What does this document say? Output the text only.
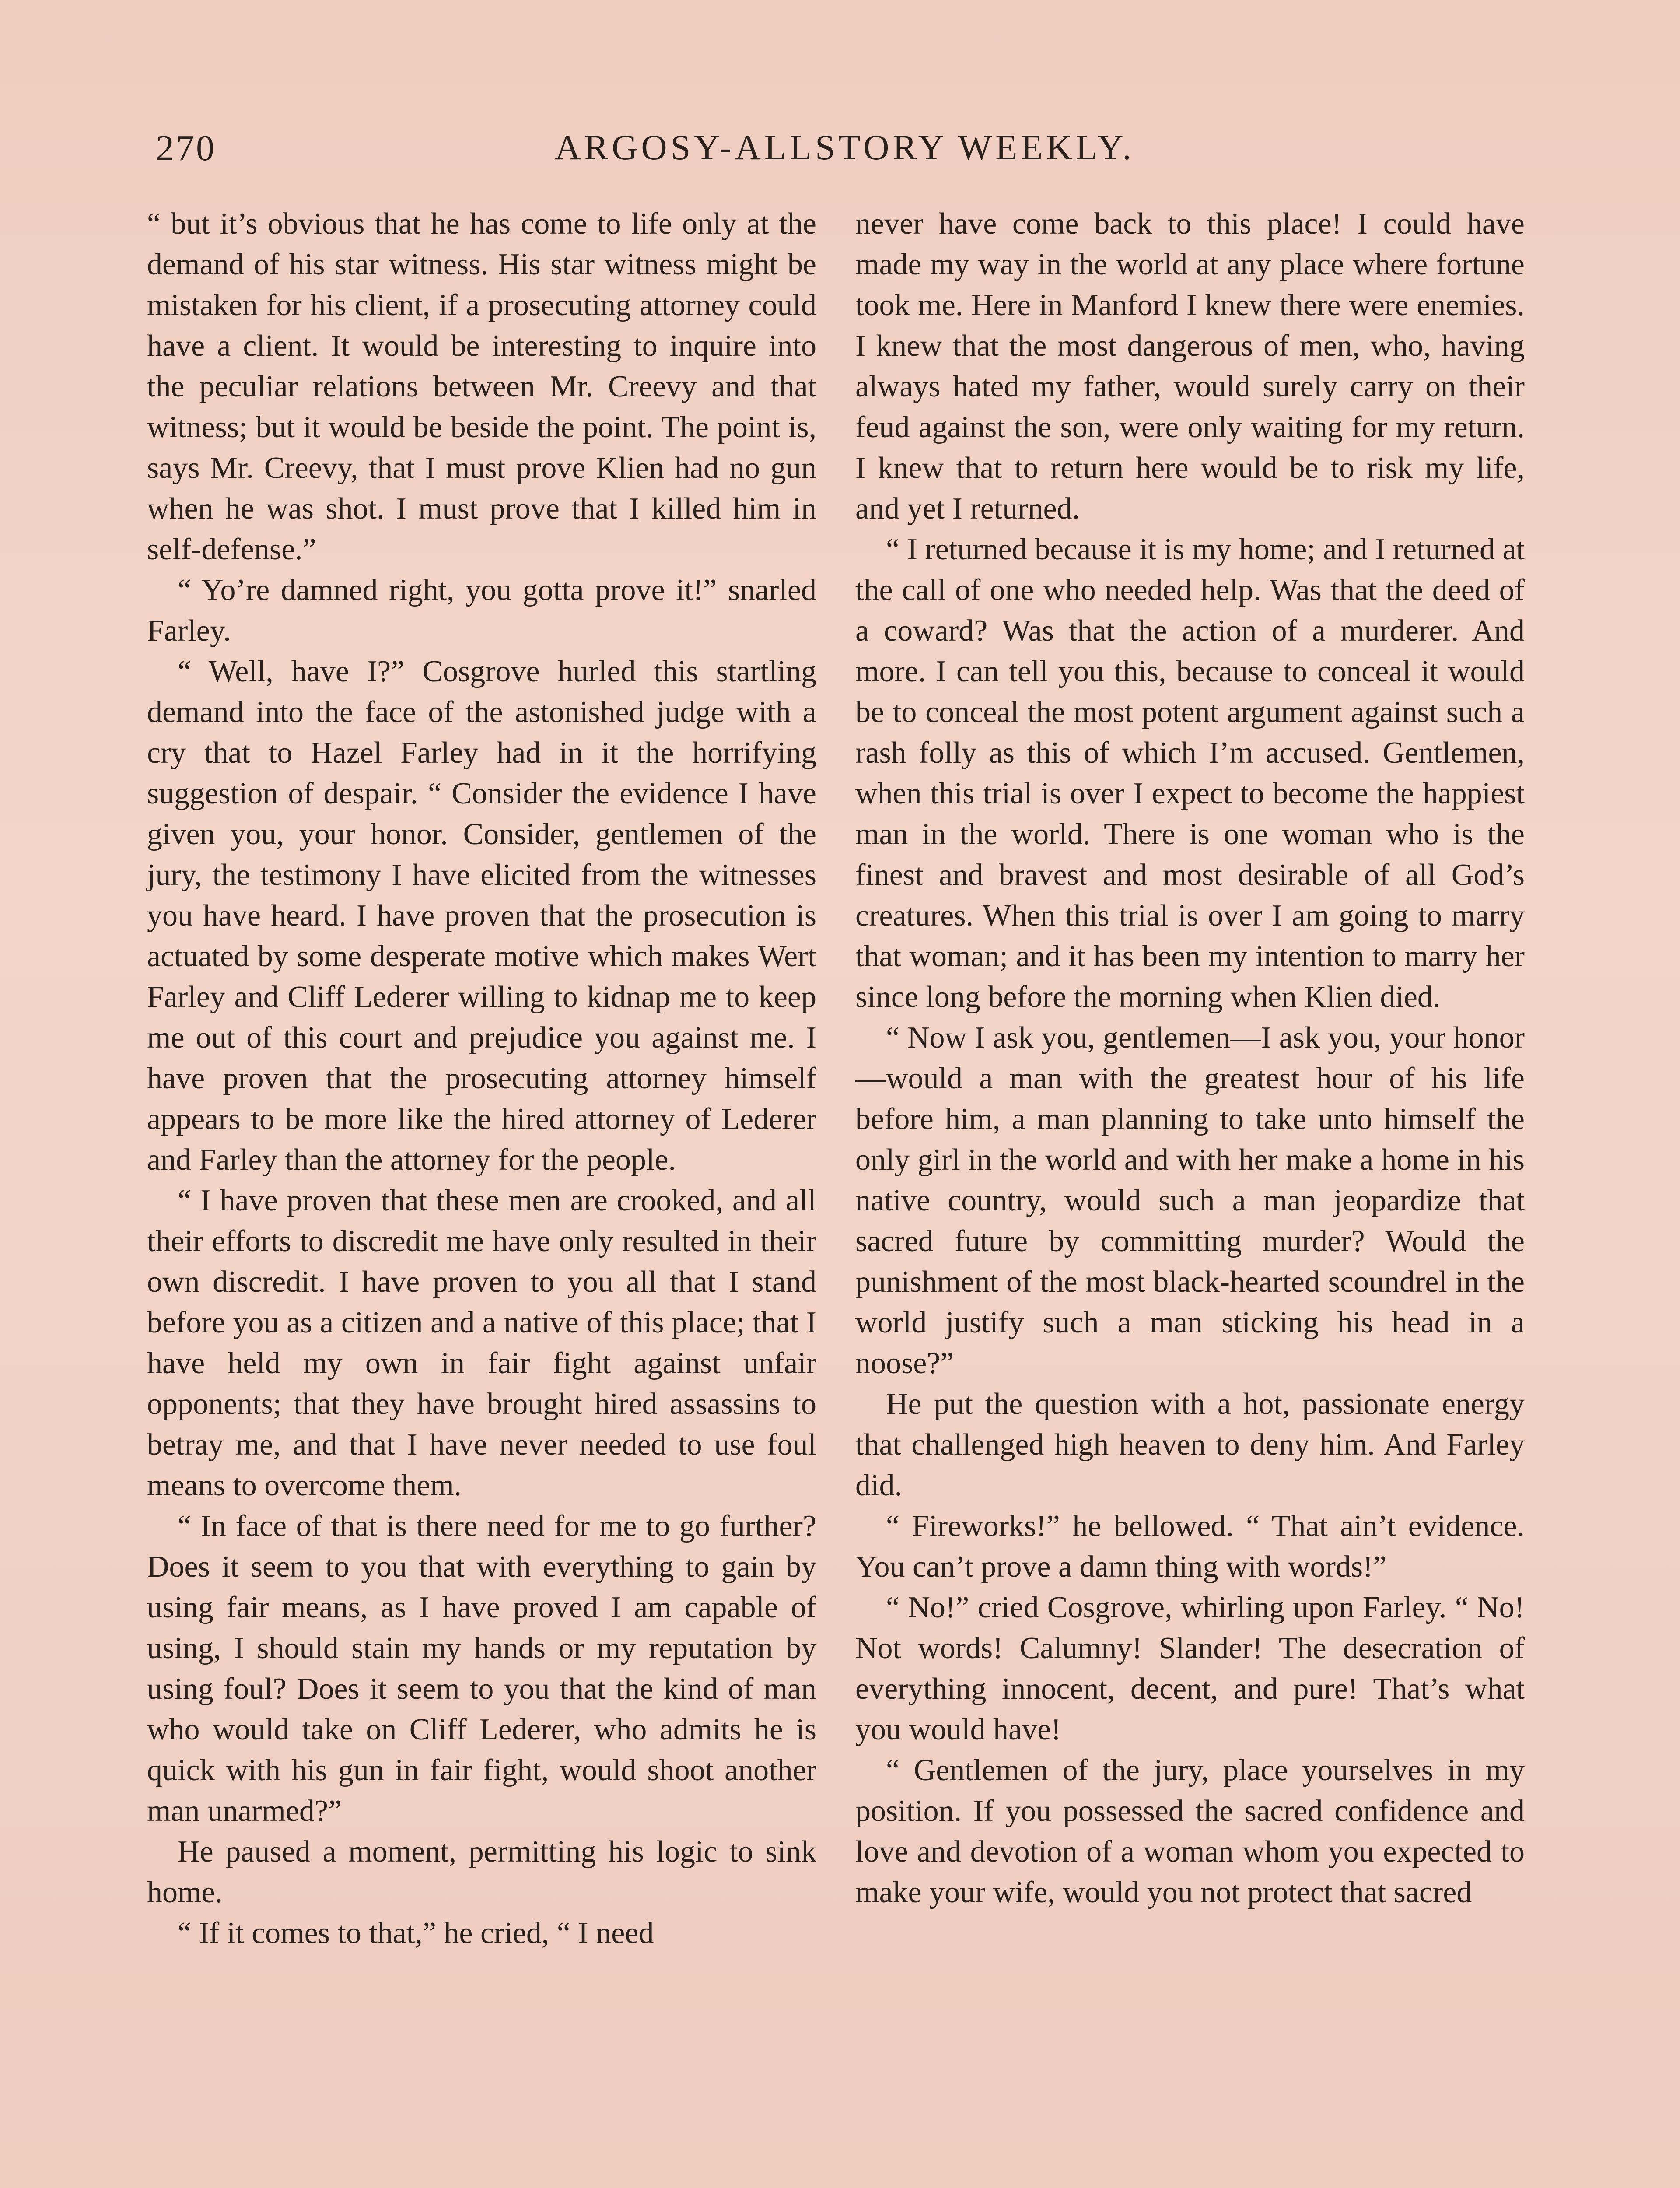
270	ARGOSY-ALLSTORY WEEKLY.

“ but it’s obvious that he has come to life only at the demand of his star witness. His star witness might be mistaken for his client, if a prosecuting attorney could have a client. It would be interesting to inquire into the peculiar relations between Mr. Creevy and that witness; but it would be beside the point. The point is, says Mr. Creevy, that I must prove Klien had no gun when he was shot. I must prove that I killed him in self-defense.”

“ Yo’re damned right, you gotta prove it!” snarled Farley.

“ Well, have I?” Cosgrove hurled this startling demand into the face of the astonished judge with a cry that to Hazel Farley had in it the horrifying suggestion of despair. “ Consider the evidence I have given you, your honor. Consider, gentlemen of the jury, the testimony I have elicited from the witnesses you have heard. I have proven that the prosecution is actuated by some desperate motive which makes Wert Farley and Cliff Lederer willing to kidnap me to keep me out of this court and prejudice you against me. I have proven that the prosecuting attorney himself appears to be more like the hired attorney of Lederer and Farley than the attorney for the people.

“ I have proven that these men are crooked, and all their efforts to discredit me have only resulted in their own discredit. I have proven to you all that I stand before you as a citizen and a native of this place; that I have held my own in fair fight against unfair opponents; that they have brought hired assassins to betray me, and that I have never needed to use foul means to overcome them.

“ In face of that is there need for me to go further? Does it seem to you that with everything to gain by using fair means, as I have proved I am capable of using, I should stain my hands or my reputation by using foul? Does it seem to you that the kind of man who would take on Cliff Lederer, who admits he is quick with his gun in fair fight, would shoot another man unarmed?”

He paused a moment, permitting his logic to sink home.

“ If it comes to that,” he cried, “ I need

never have come back to this place! I could have made my way in the world at any place where fortune took me. Here in Manford I knew there were enemies. I knew that the most dangerous of men, who, having always hated my father, would surely carry on their feud against the son, were only waiting for my return. I knew that to return here would be to risk my life, and yet I returned.

“ I returned because it is my home; and I returned at the call of one who needed help. Was that the deed of a coward? Was that the action of a murderer. And more. I can tell you this, because to conceal it would be to conceal the most potent argument against such a rash folly as this of which I’m accused. Gentlemen, when this trial is over I expect to become the happiest man in the world. There is one woman who is the finest and bravest and most desirable of all God’s creatures. When this trial is over I am going to marry that woman; and it has been my intention to marry her since long before the morning when Klien died.

“ Now I ask you, gentlemen—I ask you, your honor—would a man with the greatest hour of his life before him, a man planning to take unto himself the only girl in the world and with her make a home in his native country, would such a man jeopardize that sacred future by committing murder? Would the punishment of the most black-hearted scoundrel in the world justify such a man sticking his head in a noose?”

He put the question with a hot, passionate energy that challenged high heaven to deny him. And Farley did.

“ Fireworks!” he bellowed. “ That ain’t evidence. You can’t prove a damn thing with words!”

“ No!” cried Cosgrove, whirling upon Farley. “ No! Not words! Calumny! Slander! The desecration of everything innocent, decent, and pure! That’s what you would have!

“ Gentlemen of the jury, place yourselves in my position. If you possessed the sacred confidence and love and devotion of a woman whom you expected to make your wife, would you not protect that sacred
